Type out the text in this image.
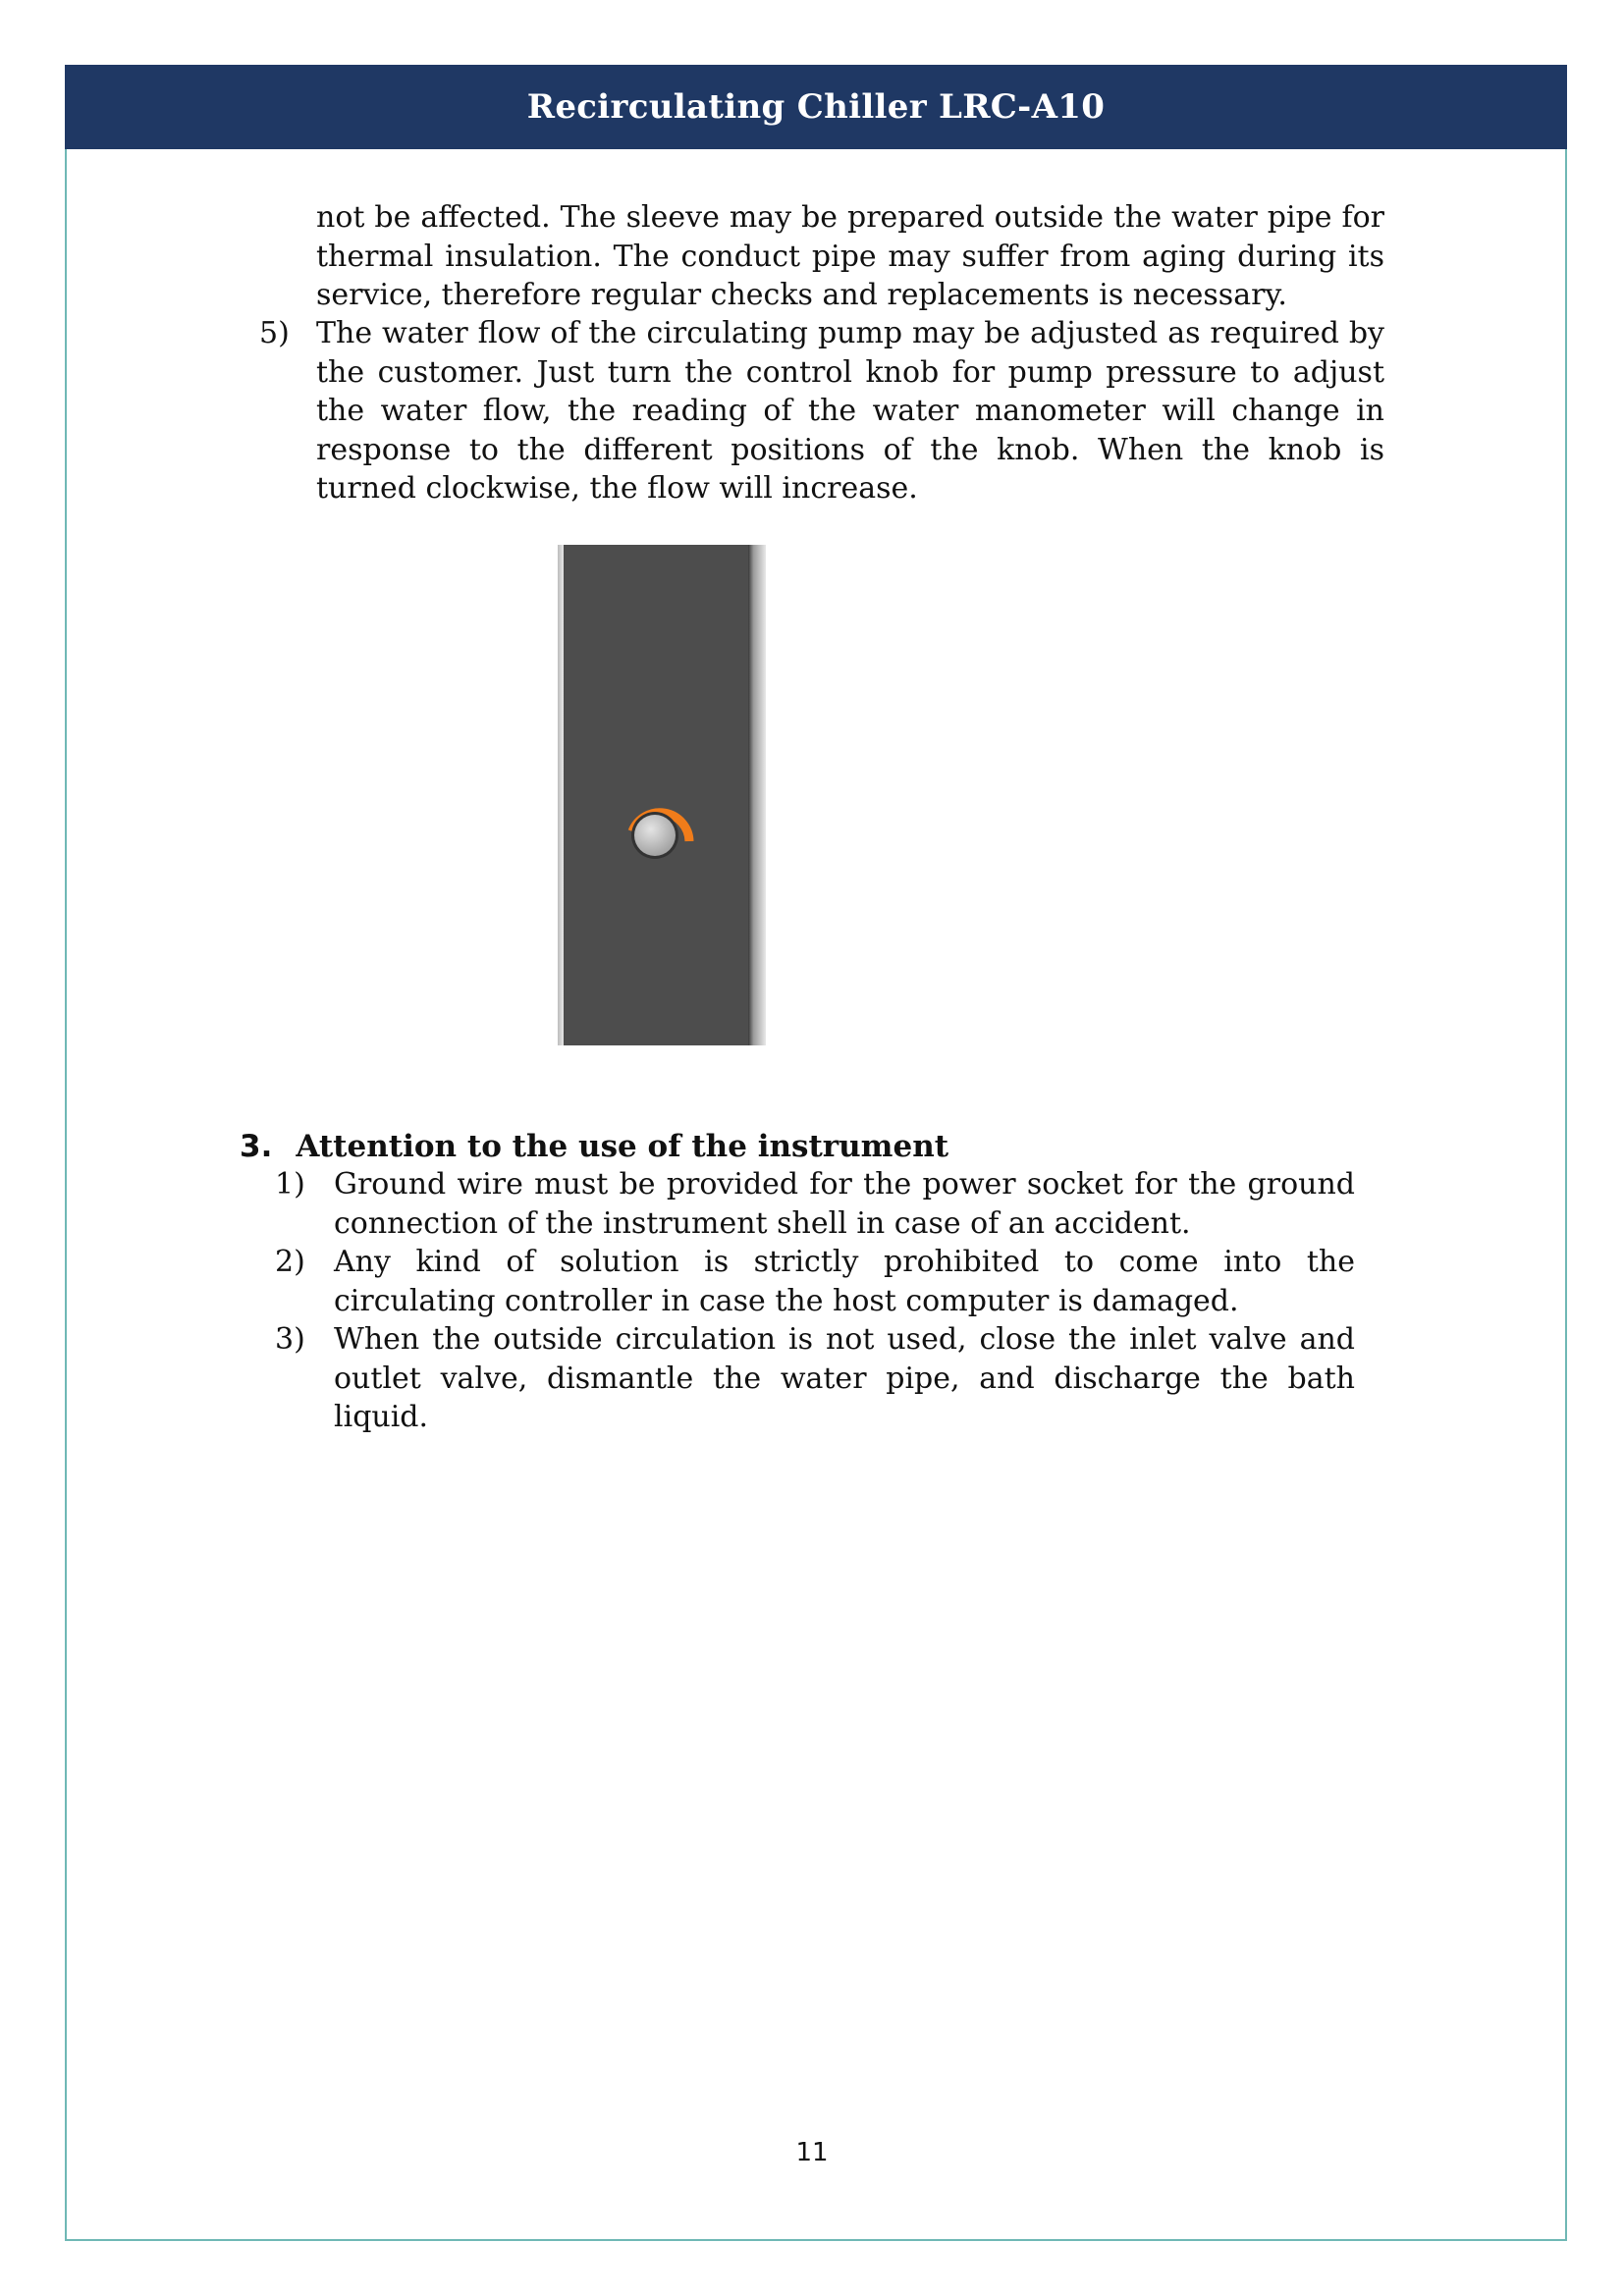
Recirculating Chiller LRC-A10
not be affected. The sleeve may be prepared outside the water pipe for thermal insulation. The conduct pipe may suffer from aging during its service, therefore regular checks and replacements is necessary.
5) The water flow of the circulating pump may be adjusted as required by the customer. Just turn the control knob for pump pressure to adjust the water flow, the reading of the water manometer will change in response to the different positions of the knob. When the knob is turned clockwise, the flow will increase.
3. Attention to the use of the instrument
1) Ground wire must be provided for the power socket for the ground connection of the instrument shell in case of an accident.
2) Any kind of solution is strictly prohibited to come into the circulating controller in case the host computer is damaged.
3) When the outside circulation is not used, close the inlet valve and outlet valve, dismantle the water pipe, and discharge the bath liquid.
11
